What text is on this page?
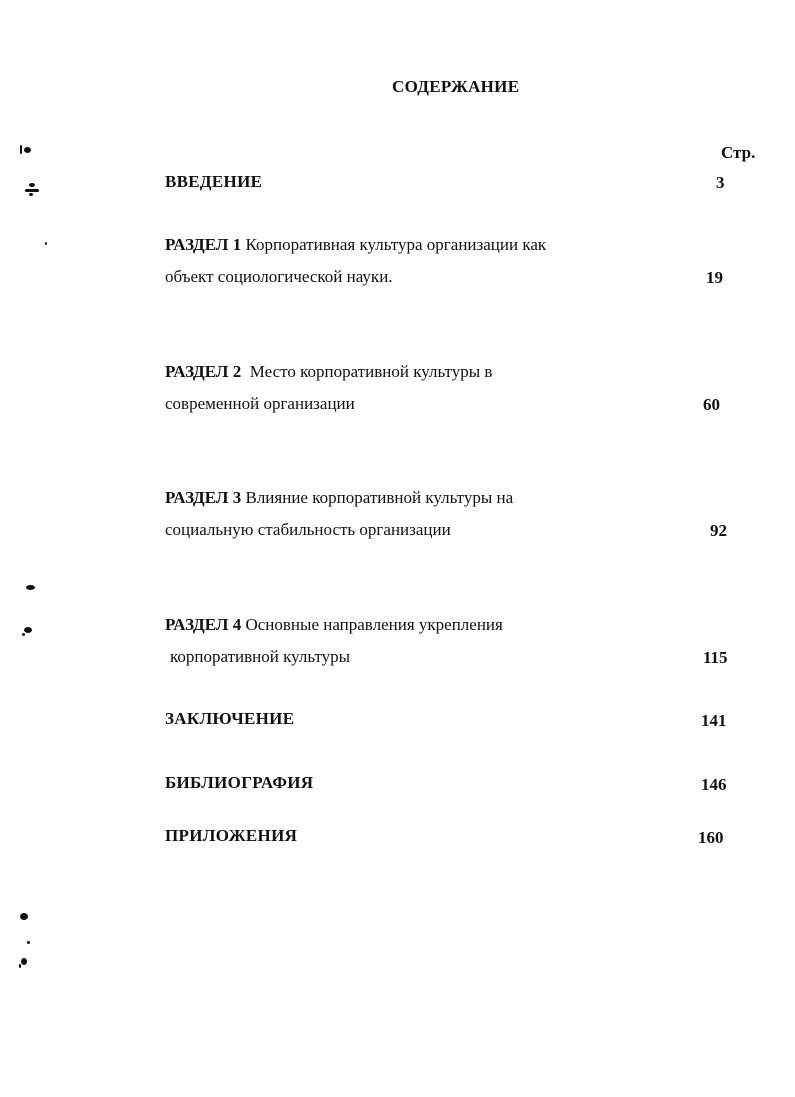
СОДЕРЖАНИЕ
Стр.
ВВЕДЕНИЕ	3
РАЗДЕЛ 1 Корпоративная культура организации как
объект социологической науки.	19
РАЗДЕЛ 2 Место корпоративной культуры в
современной организации	60
РАЗДЕЛ 3 Влияние корпоративной культуры на
социальную стабильность организации	92
РАЗДЕЛ 4 Основные направления укрепления
корпоративной культуры	115
ЗАКЛЮЧЕНИЕ	141
БИБЛИОГРАФИЯ	146
ПРИЛОЖЕНИЯ	160
